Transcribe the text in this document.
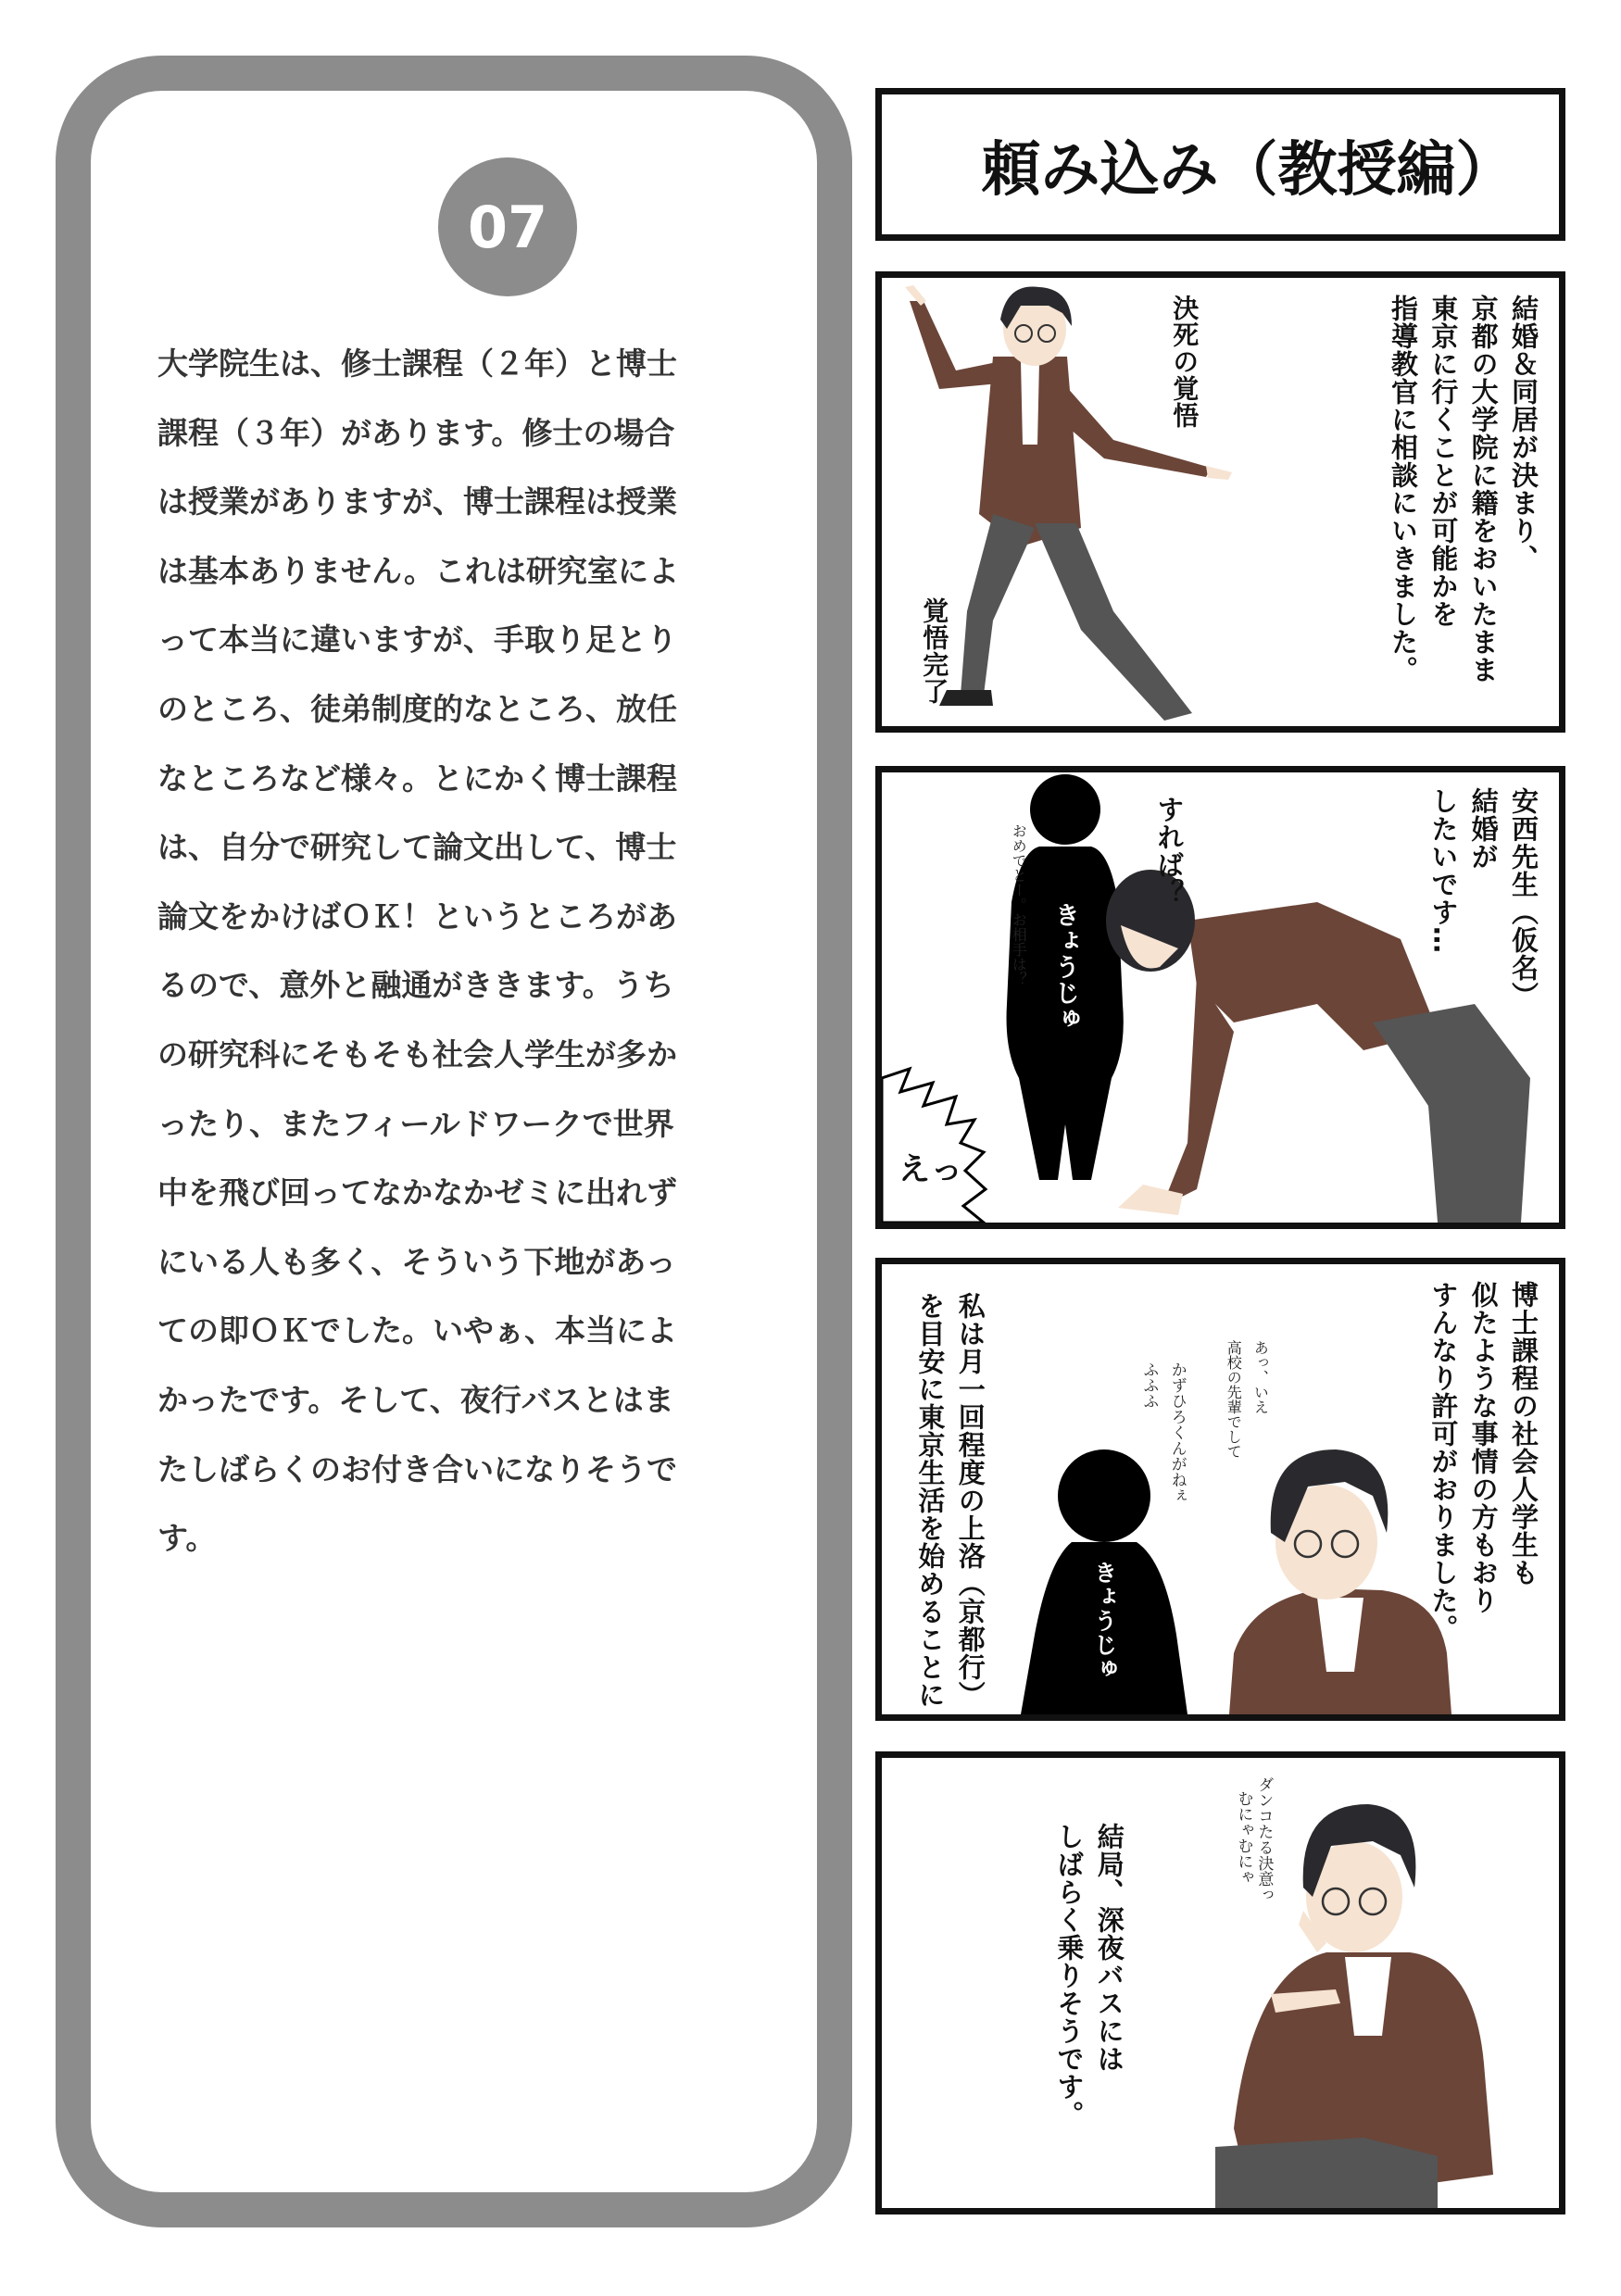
07
大学院生は、修士課程（２年）と博士
課程（３年）があります。修士の場合
は授業がありますが、博士課程は授業
は基本ありません。これは研究室によ
って本当に違いますが、手取り足とり
のところ、徒弟制度的なところ、放任
なところなど様々。とにかく博士課程
は、自分で研究して論文出して、博士
論文をかけばＯＫ！というところがあ
るので、意外と融通がききます。うち
の研究科にそもそも社会人学生が多か
ったり、またフィールドワークで世界
中を飛び回ってなかなかゼミに出れず
にいる人も多く、そういう下地があっ
ての即ＯＫでした。いやぁ、本当によ
かったです。そして、夜行バスとはま
たしばらくのお付き合いになりそうで
す。
頼み込み（教授編）
結婚＆同居が決まり、
京都の大学院に籍をおいたまま
東京に行くことが可能かを
指導教官に相談にいきました。
決死の覚悟
覚悟完了
安西先生（仮名）
結婚が
したいです…
すれば？
おめでとー。お相手は？ きょうじゅ
えっ
博士課程の社会人学生も
似たような事情の方もおり
すんなり許可がおりました。
あっ、いえ
高校の先輩でして
かずひろくんがねぇ
ふふふ
きょうじゅ
私は月一回程度の上洛（京都行）
を目安に東京生活を始めることに
むにゃむにゃ ダンコたる決意っ
結局、深夜バスには
しばらく乗りそうです。
